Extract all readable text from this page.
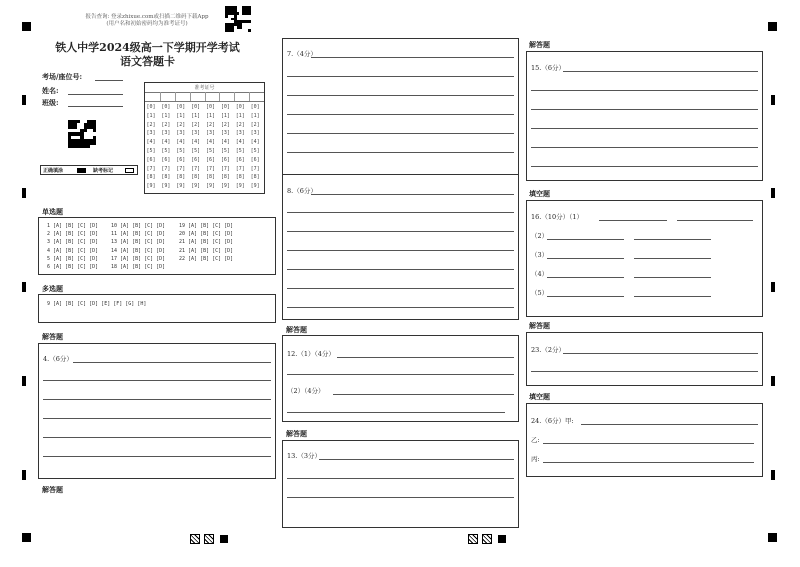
报告查询: 登录zhixue.com或扫描二维码下载App
(用户名和初始密码均为准考证号)
铁人中学2024级高一下学期开学考试
语文答题卡
考场/座位号:
姓名:
班级:
准考证号
[0] [0] [0] [0] [0] [0] [0] [0]
[1] [1] [1] [1] [1] [1] [1] [1]
[2] [2] [2] [2] [2] [2] [2] [2]
[3] [3] [3] [3] [3] [3] [3] [3]
[4] [4] [4] [4] [4] [4] [4] [4]
[5] [5] [5] [5] [5] [5] [5] [5]
[6] [6] [6] [6] [6] [6] [6] [6]
[7] [7] [7] [7] [7] [7] [7] [7]
[8] [8] [8] [8] [8] [8] [8] [8]
[9] [9] [9] [9] [9] [9] [9] [9]
正确填涂	缺考标记
单选题
1 [A] [B] [C] [D]	10 [A] [B] [C] [D]	19 [A] [B] [C] [D]
2 [A] [B] [C] [D]	11 [A] [B] [C] [D]	20 [A] [B] [C] [D]
3 [A] [B] [C] [D]	13 [A] [B] [C] [D]	21 [A] [B] [C] [D]
4 [A] [B] [C] [D]	14 [A] [B] [C] [D]	21 [A] [B] [C] [D]
5 [A] [B] [C] [D]	17 [A] [B] [C] [D]	22 [A] [B] [C] [D]
6 [A] [B] [C] [D]	18 [A] [B] [C] [D]
多选题
9 [A] [B] [C] [D] [E] [F] [G] [H]
解答题
4.（6分）
解答题
7.（4分）
8.（6分）
解答题
12.（1）（4分）
（2）（4分）
解答题
13.（3分）
解答题
15.（6分）
填空题
16.（10分）（1）
（2）
（3）
（4）
（5）
解答题
23.（2分）
填空题
24.（6分）甲:
乙:
丙:
